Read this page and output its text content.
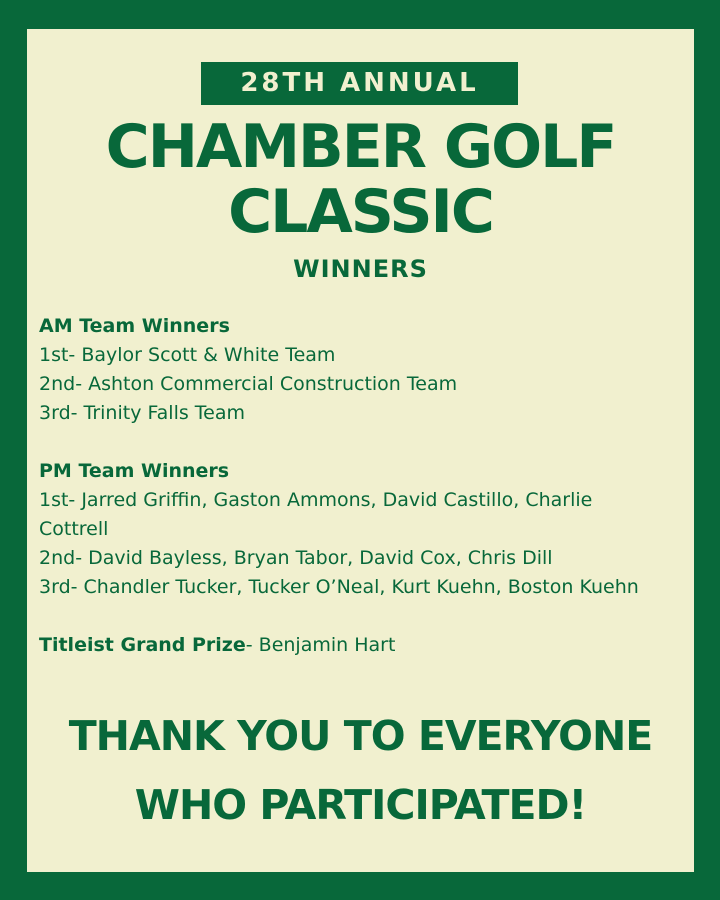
28TH ANNUAL
CHAMBER GOLF
CLASSIC
WINNERS
AM Team Winners
1st- Baylor Scott & White Team
2nd- Ashton Commercial Construction Team
3rd- Trinity Falls Team
PM Team Winners
1st- Jarred Griffin, Gaston Ammons, David Castillo, Charlie Cottrell
2nd- David Bayless, Bryan Tabor, David Cox, Chris Dill
3rd- Chandler Tucker, Tucker O’Neal, Kurt Kuehn, Boston Kuehn
Titleist Grand Prize- Benjamin Hart
THANK YOU TO EVERYONE
WHO PARTICIPATED!
